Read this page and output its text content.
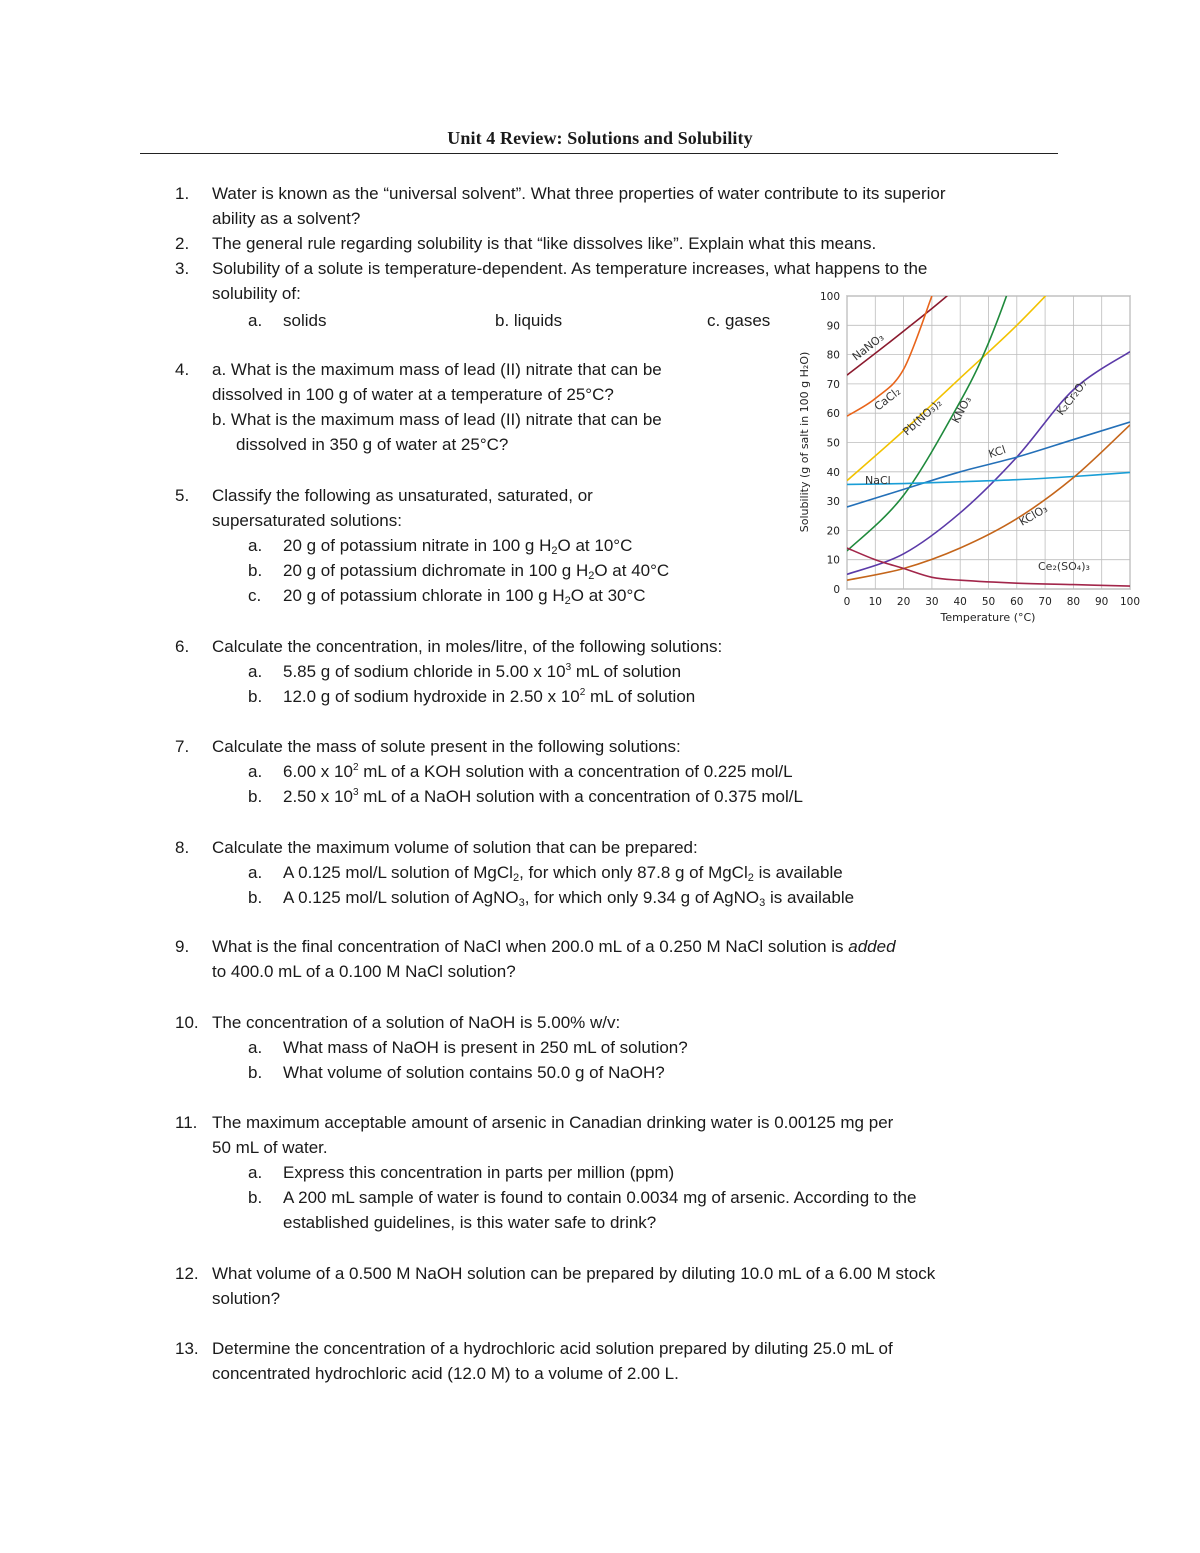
Unit 4 Review: Solutions and Solubility
1. Water is known as the “universal solvent”. What three properties of water contribute to its superior
ability as a solvent?
2. The general rule regarding solubility is that “like dissolves like”. Explain what this means.
3. Solubility of a solute is temperature-dependent. As temperature increases, what happens to the
solubility of:
a. solids	b. liquids	c. gases
4. a. What is the maximum mass of lead (II) nitrate that can be
dissolved in 100 g of water at a temperature of 25°C?
b. What is the maximum mass of lead (II) nitrate that can be
dissolved in 350 g of water at 25°C?
5. Classify the following as unsaturated, saturated, or
supersaturated solutions:
a. 20 g of potassium nitrate in 100 g $H_2O$ at 10°C
b. 20 g of potassium dichromate in 100 g $H_2O$ at 40°C
c. 20 g of potassium chlorate in 100 g $H_2O$ at 30°C
6. Calculate the concentration, in moles/litre, of the following solutions:
a. 5.85 g of sodium chloride in 5.00 x $10^3$ mL of solution
b. 12.0 g of sodium hydroxide in 2.50 x $10^2$ mL of solution
7. Calculate the mass of solute present in the following solutions:
a. 6.00 x $10^2$ mL of a KOH solution with a concentration of 0.225 mol/L
b. 2.50 x $10^3$ mL of a NaOH solution with a concentration of 0.375 mol/L
8. Calculate the maximum volume of solution that can be prepared:
a. A 0.125 mol/L solution of MgCl$_2$, for which only 87.8 g of MgCl$_2$ is available
b. A 0.125 mol/L solution of AgNO$_3$, for which only 9.34 g of AgNO$_3$ is available
9. What is the final concentration of NaCl when 200.0 mL of a 0.250 M NaCl solution is added
to 400.0 mL of a 0.100 M NaCl solution?
10. The concentration of a solution of NaOH is 5.00% w/v:
a. What mass of NaOH is present in 250 mL of solution?
b. What volume of solution contains 50.0 g of NaOH?
11. The maximum acceptable amount of arsenic in Canadian drinking water is 0.00125 mg per
50 mL of water.
a. Express this concentration in parts per million (ppm)
b. A 200 mL sample of water is found to contain 0.0034 mg of arsenic. According to the
established guidelines, is this water safe to drink?
12. What volume of a 0.500 M NaOH solution can be prepared by diluting 10.0 mL of a 6.00 M stock
solution?
13. Determine the concentration of a hydrochloric acid solution prepared by diluting 25.0 mL of
concentrated hydrochloric acid (12.0 M) to a volume of 2.00 L.
0
10
20
30
40
50
60
70
80
90
100
0 10 20 30 40 50 60 70 80 90 100
Temperature (°C)
Solubility (g of salt in 100 g H₂O)
NaNO₃
CaCl₂
Pb(NO₃)₂ KNO₃	K₂Cr₂O₇
KCl
NaCl
KClO₃
Ce₂(SO₄)₃
